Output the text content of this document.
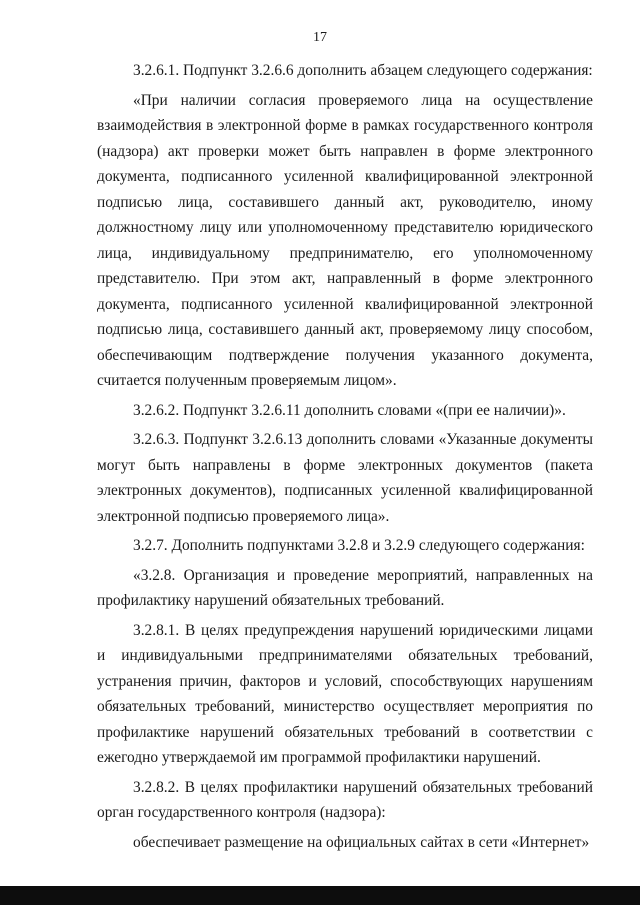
17

3.2.6.1. Подпункт 3.2.6.6 дополнить абзацем следующего содержания:

«При наличии согласия проверяемого лица на осуществление взаимодействия в электронной форме в рамках государственного контроля (надзора) акт проверки может быть направлен в форме электронного документа, подписанного усиленной квалифицированной электронной подписью лица, составившего данный акт, руководителю, иному должностному лицу или уполномоченному представителю юридического лица, индивидуальному предпринимателю, его уполномоченному представителю. При этом акт, направленный в форме электронного документа, подписанного усиленной квалифицированной электронной подписью лица, составившего данный акт, проверяемому лицу способом, обеспечивающим подтверждение получения указанного документа, считается полученным проверяемым лицом».

3.2.6.2. Подпункт 3.2.6.11 дополнить словами «(при ее наличии)».

3.2.6.3. Подпункт 3.2.6.13 дополнить словами «Указанные документы могут быть направлены в форме электронных документов (пакета электронных документов), подписанных усиленной квалифицированной электронной подписью проверяемого лица».

3.2.7. Дополнить подпунктами 3.2.8 и 3.2.9 следующего содержания:

«3.2.8. Организация и проведение мероприятий, направленных на профилактику нарушений обязательных требований.

3.2.8.1. В целях предупреждения нарушений юридическими лицами и индивидуальными предпринимателями обязательных требований, устранения причин, факторов и условий, способствующих нарушениям обязательных требований, министерство осуществляет мероприятия по профилактике нарушений обязательных требований в соответствии с ежегодно утверждаемой им программой профилактики нарушений.

3.2.8.2. В целях профилактики нарушений обязательных требований орган государственного контроля (надзора):

обеспечивает размещение на официальных сайтах в сети «Интернет»
